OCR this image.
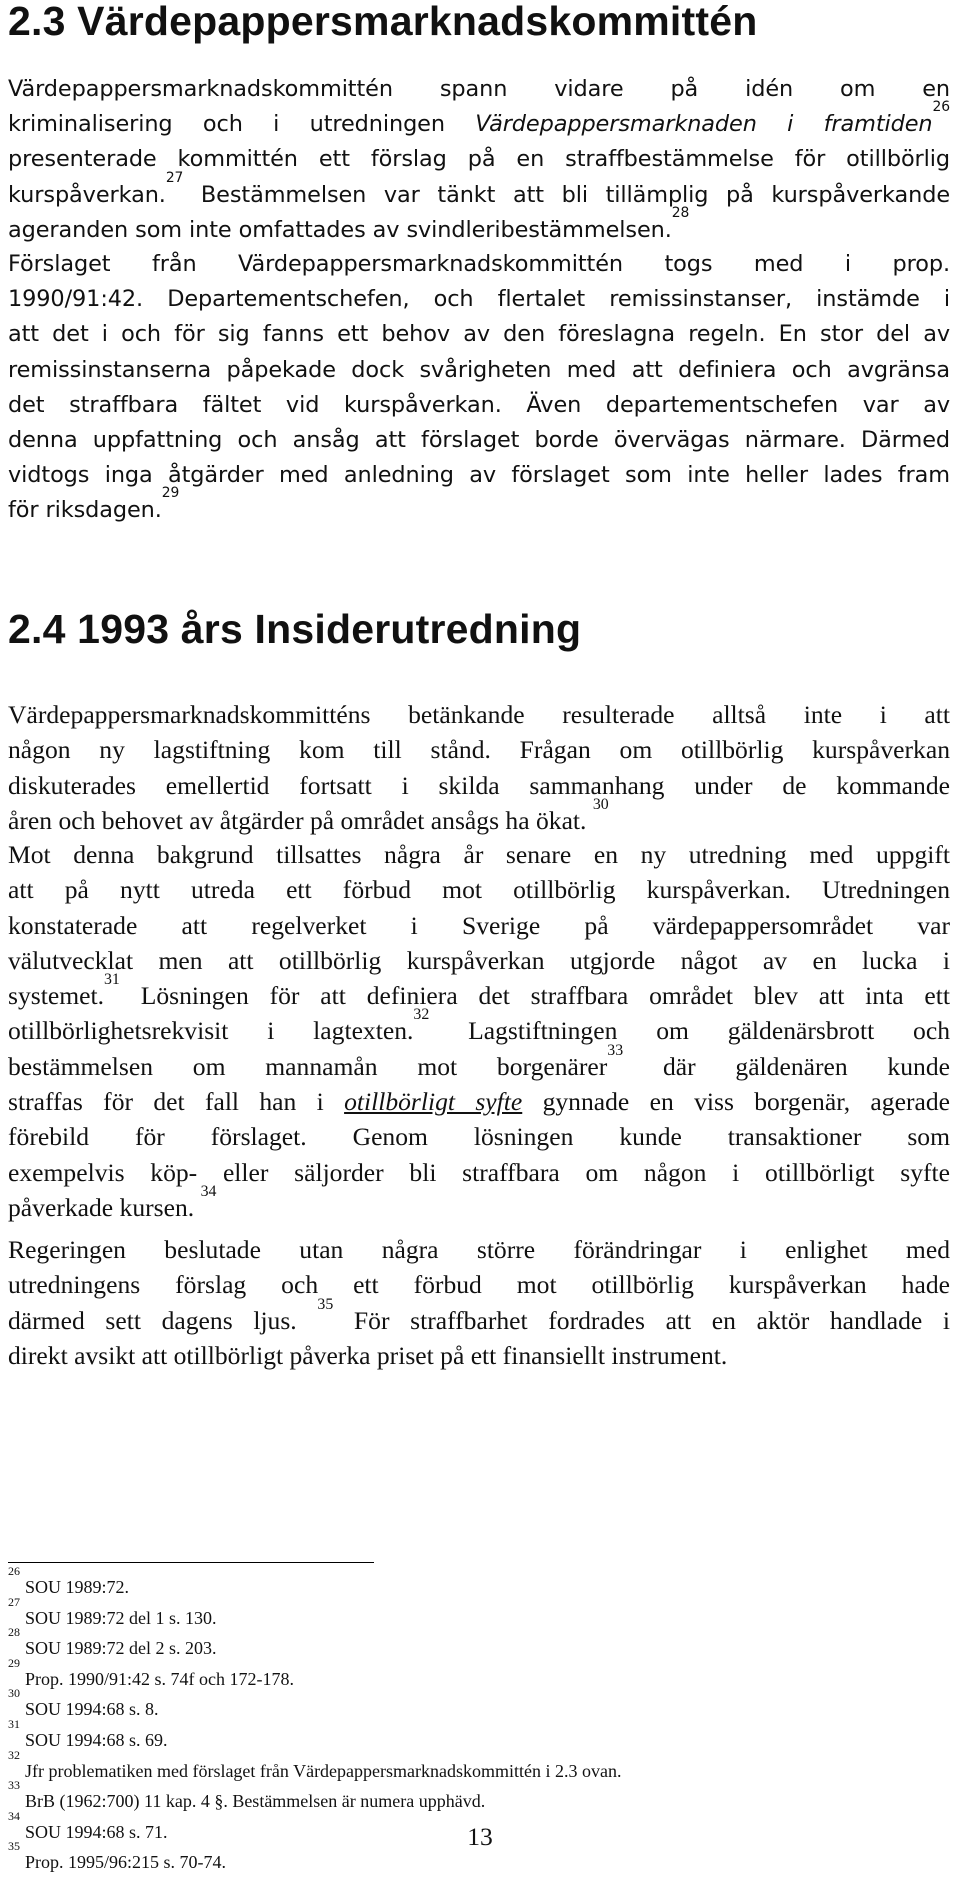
2.3 Värdepappersmarknadskommittén
Värdepappersmarknadskommittén spann vidare på idén om en
kriminalisering och i utredningen Värdepappersmarknaden i framtiden$^{26}$
presenterade kommittén ett förslag på en straffbestämmelse för otillbörlig
kurspåverkan.$^{27}$ Bestämmelsen var tänkt att bli tillämplig på kurspåverkande
ageranden som inte omfattades av svindleribestämmelsen.$^{28}$
Förslaget från Värdepappersmarknadskommittén togs med i prop.
1990/91:42. Departementschefen, och flertalet remissinstanser, instämde i
att det i och för sig fanns ett behov av den föreslagna regeln. En stor del av
remissinstanserna påpekade dock svårigheten med att definiera och avgränsa
det straffbara fältet vid kurspåverkan. Även departementschefen var av
denna uppfattning och ansåg att förslaget borde övervägas närmare. Därmed
vidtogs inga åtgärder med anledning av förslaget som inte heller lades fram
för riksdagen.$^{29}$
2.4 1993 års Insiderutredning
Värdepappersmarknadskommitténs betänkande resulterade alltså inte i att
någon ny lagstiftning kom till stånd. Frågan om otillbörlig kurspåverkan
diskuterades emellertid fortsatt i skilda sammanhang under de kommande
åren och behovet av åtgärder på området ansågs ha ökat. $^{30}$
Mot denna bakgrund tillsattes några år senare en ny utredning med uppgift
att på nytt utreda ett förbud mot otillbörlig kurspåverkan. Utredningen
konstaterade att regelverket i Sverige på värdepappersområdet var
välutvecklat men att otillbörlig kurspåverkan utgjorde något av en lucka i
systemet.$^{31}$ Lösningen för att definiera det straffbara området blev att inta ett
otillbörlighetsrekvisit i lagtexten.$^{32}$ Lagstiftningen om gäldenärsbrott och
bestämmelsen om mannamån mot borgenärer$^{33}$ där gäldenären kunde
straffas för det fall han i otillbörligt syfte gynnade en viss borgenär, agerade
förebild för förslaget. Genom lösningen kunde transaktioner som
exempelvis köp- eller säljorder bli straffbara om någon i otillbörligt syfte
påverkade kursen. $^{34}$
Regeringen beslutade utan några större förändringar i enlighet med
utredningens förslag och ett förbud mot otillbörlig kurspåverkan hade
därmed sett dagens ljus. $^{35}$ För straffbarhet fordrades att en aktör handlade i
direkt avsikt att otillbörligt påverka priset på ett finansiellt instrument.
$^{26}$SOU 1989:72.
$^{27}$SOU 1989:72 del 1 s. 130.
$^{28}$SOU 1989:72 del 2 s. 203.
$^{29}$Prop. 1990/91:42 s. 74f och 172-178.
$^{30}$SOU 1994:68 s. 8.
$^{31}$SOU 1994:68 s. 69.
$^{32}$Jfr problematiken med förslaget från Värdepappersmarknadskommittén i 2.3 ovan.
$^{33}$BrB (1962:700) 11 kap. 4 §. Bestämmelsen är numera upphävd.
$^{34}$SOU 1994:68 s. 71.
$^{35}$Prop. 1995/96:215 s. 70-74.
13
